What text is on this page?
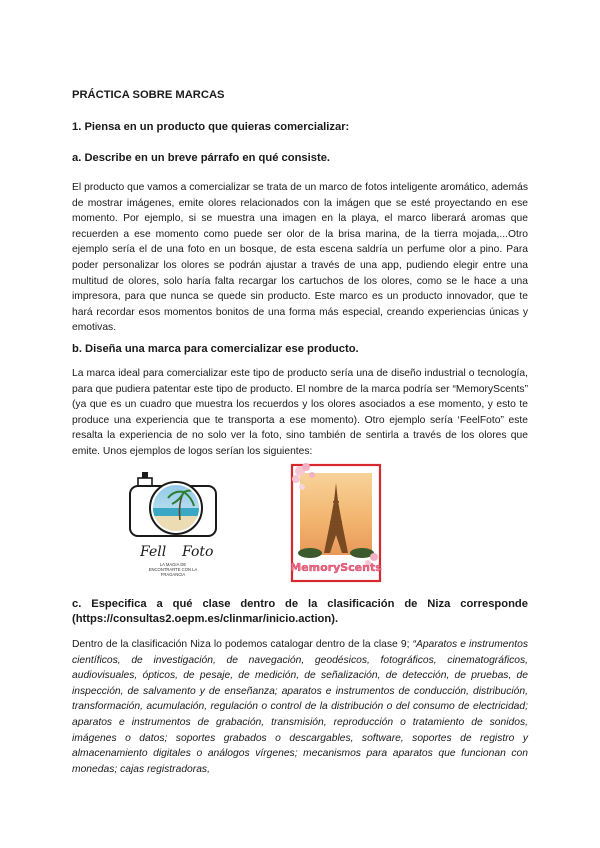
PRÁCTICA SOBRE MARCAS

1. Piensa en un producto que quieras comercializar:

a. Describe en un breve párrafo en qué consiste.

El producto que vamos a comercializar se trata de un marco de fotos inteligente aromático, además de mostrar imágenes, emite olores relacionados con la imágen que se esté proyectando en ese momento. Por ejemplo, si se muestra una imagen en la playa, el marco liberará aromas que recuerden a ese momento como puede ser olor de la brisa marina, de la tierra mojada,...Otro ejemplo sería el de una foto en un bosque, de esta escena saldría un perfume olor a pino. Para poder personalizar los olores se podrán ajustar a través de una app, pudiendo elegir entre una multitud de olores, solo haría falta recargar los cartuchos de los olores, como se le hace a una impresora, para que nunca se quede sin producto. Este marco es un producto innovador, que te hará recordar esos momentos bonitos de una forma más especial, creando experiencias únicas y emotivas.

b. Diseña una marca para comercializar ese producto.

La marca ideal para comercializar este tipo de producto sería una de diseño industrial o tecnología, para que pudiera patentar este tipo de producto. El nombre de la marca podría ser “MemoryScents” (ya que es un cuadro que muestra los recuerdos y los olores asociados a ese momento, y esto te produce una experiencia que te transporta a ese momento). Otro ejemplo sería ‘FeelFoto” este resalta la experiencia de no solo ver la foto, sino también de sentirla a través de los olores que emite. Unos ejemplos de logos serían los siguientes:

Fell Foto
LA MAGIA DE
ENCONTRARTE CON LA
FRAGANCIA
MemoryScents

c. Especifica a qué clase dentro de la clasificación de Niza corresponde (https://consultas2.oepm.es/clinmar/inicio.action).

Dentro de la clasificación Niza lo podemos catalogar dentro de la clase 9; “Aparatos e instrumentos científicos, de investigación, de navegación, geodésicos, fotográficos, cinematográficos, audiovisuales, ópticos, de pesaje, de medición, de señalización, de detección, de pruebas, de inspección, de salvamento y de enseñanza; aparatos e instrumentos de conducción, distribución, transformación, acumulación, regulación o control de la distribución o del consumo de electricidad; aparatos e instrumentos de grabación, transmisión, reproducción o tratamiento de sonidos, imágenes o datos; soportes grabados o descargables, software, soportes de registro y almacenamiento digitales o análogos vírgenes; mecanismos para aparatos que funcionan con monedas; cajas registradoras,
